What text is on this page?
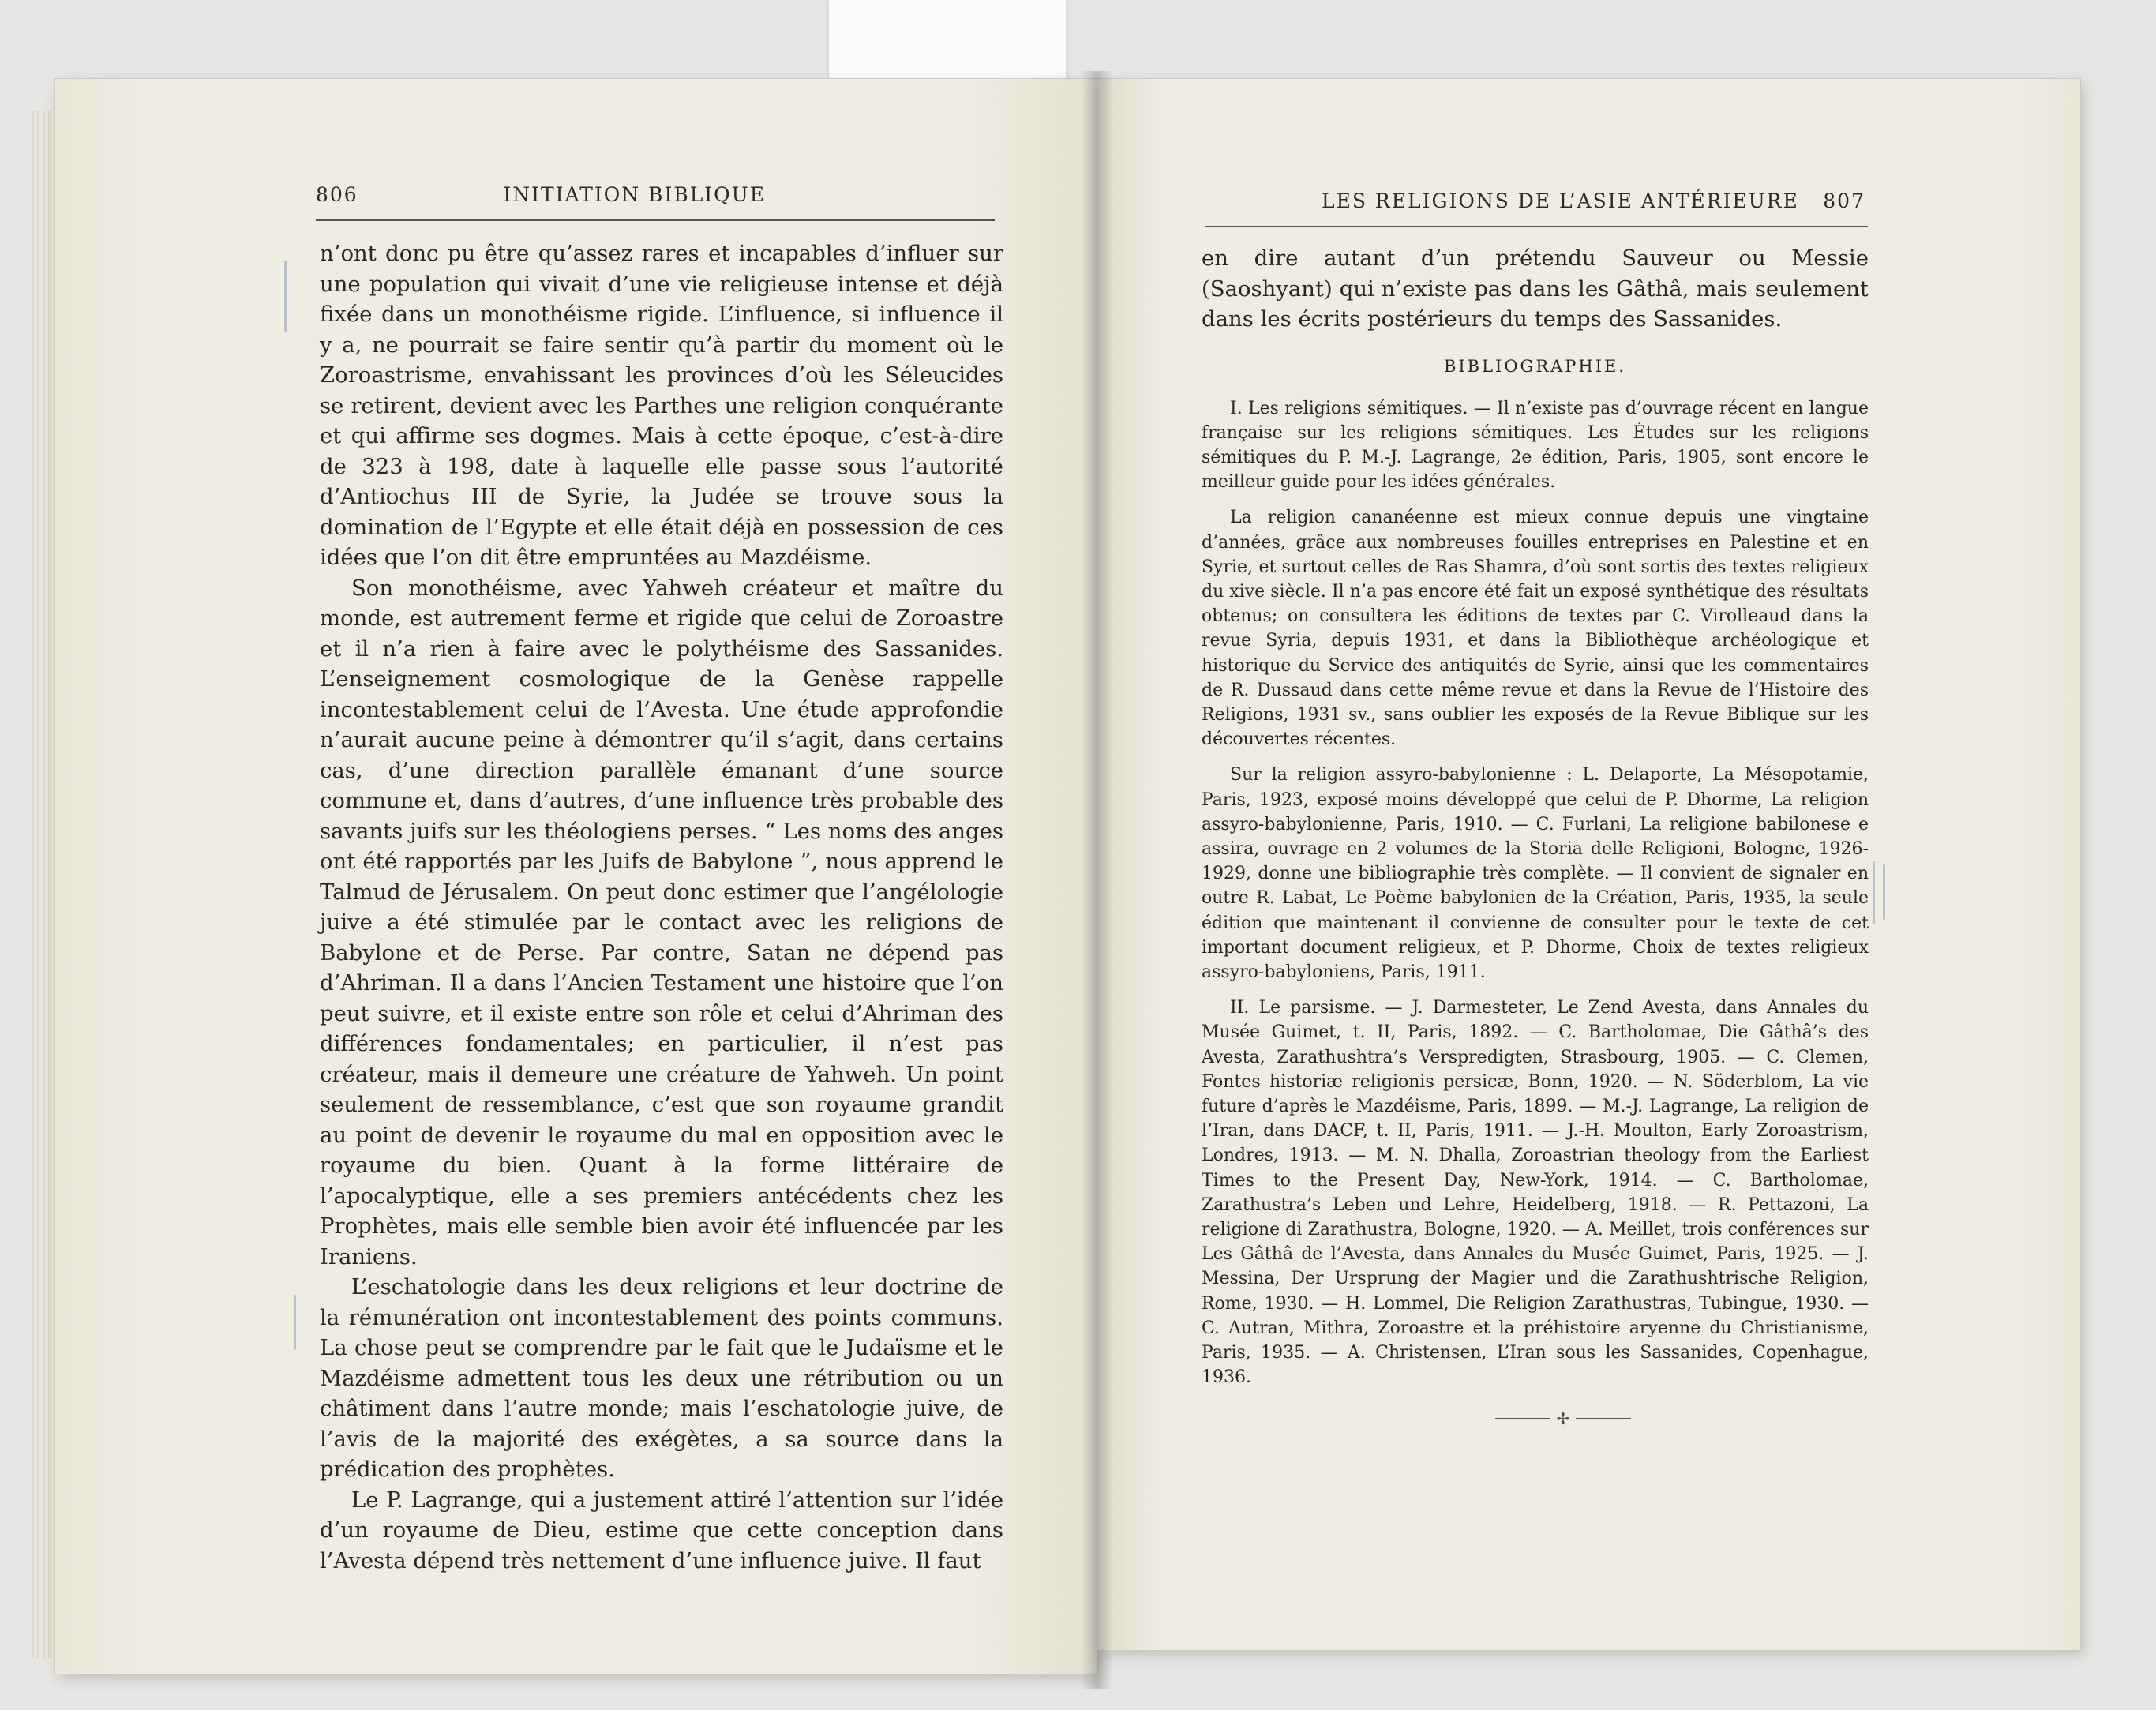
806	INITIATION BIBLIQUE

n’ont donc pu être qu’assez rares et incapables d’influer sur une population qui vivait d’une vie religieuse intense et déjà fixée dans un monothéisme rigide. L’influence, si influence il y a, ne pourrait se faire sentir qu’à partir du moment où le Zoroastrisme, envahissant les provinces d’où les Séleucides se retirent, devient avec les Parthes une religion conquérante et qui affirme ses dogmes. Mais à cette époque, c’est-à-dire de 323 à 198, date à laquelle elle passe sous l’autorité d’Antiochus III de Syrie, la Judée se trouve sous la domination de l’Egypte et elle était déjà en possession de ces idées que l’on dit être empruntées au Mazdéisme.

Son monothéisme, avec Yahweh créateur et maître du monde, est autrement ferme et rigide que celui de Zoroastre et il n’a rien à faire avec le polythéisme des Sassanides. L’enseignement cosmologique de la Genèse rappelle incontestablement celui de l’Avesta. Une étude approfondie n’aurait aucune peine à démontrer qu’il s’agit, dans certains cas, d’une direction parallèle émanant d’une source commune et, dans d’autres, d’une influence très probable des savants juifs sur les théologiens perses. “ Les noms des anges ont été rapportés par les Juifs de Babylone ”, nous apprend le Talmud de Jérusalem. On peut donc estimer que l’angélologie juive a été stimulée par le contact avec les religions de Babylone et de Perse. Par contre, Satan ne dépend pas d’Ahriman. Il a dans l’Ancien Testament une histoire que l’on peut suivre, et il existe entre son rôle et celui d’Ahriman des différences fondamentales; en particulier, il n’est pas créateur, mais il demeure une créature de Yahweh. Un point seulement de ressemblance, c’est que son royaume grandit au point de devenir le royaume du mal en opposition avec le royaume du bien. Quant à la forme littéraire de l’apocalyptique, elle a ses premiers antécédents chez les Prophètes, mais elle semble bien avoir été influencée par les Iraniens.

L’eschatologie dans les deux religions et leur doctrine de la rémunération ont incontestablement des points communs. La chose peut se comprendre par le fait que le Judaïsme et le Mazdéisme admettent tous les deux une rétribution ou un châtiment dans l’autre monde; mais l’eschatologie juive, de l’avis de la majorité des exégètes, a sa source dans la prédication des prophètes.

Le P. Lagrange, qui a justement attiré l’attention sur l’idée d’un royaume de Dieu, estime que cette conception dans l’Avesta dépend très nettement d’une influence juive. Il faut

LES RELIGIONS DE L’ASIE ANTÉRIEURE 807

en dire autant d’un prétendu Sauveur ou Messie (Saoshyant) qui n’existe pas dans les Gâthâ, mais seulement dans les écrits postérieurs du temps des Sassanides.

BIBLIOGRAPHIE.

I. Les religions sémitiques. — Il n’existe pas d’ouvrage récent en langue française sur les religions sémitiques. Les Études sur les religions sémitiques du P. M.-J. Lagrange, 2e édition, Paris, 1905, sont encore le meilleur guide pour les idées générales.

La religion cananéenne est mieux connue depuis une vingtaine d’années, grâce aux nombreuses fouilles entreprises en Palestine et en Syrie, et surtout celles de Ras Shamra, d’où sont sortis des textes religieux du xive siècle. Il n’a pas encore été fait un exposé synthétique des résultats obtenus; on consultera les éditions de textes par C. Virolleaud dans la revue Syria, depuis 1931, et dans la Bibliothèque archéologique et historique du Service des antiquités de Syrie, ainsi que les commentaires de R. Dussaud dans cette même revue et dans la Revue de l’Histoire des Religions, 1931 sv., sans oublier les exposés de la Revue Biblique sur les découvertes récentes.

Sur la religion assyro-babylonienne : L. Delaporte, La Mésopotamie, Paris, 1923, exposé moins développé que celui de P. Dhorme, La religion assyro-babylonienne, Paris, 1910. — C. Furlani, La religione babilonese e assira, ouvrage en 2 volumes de la Storia delle Religioni, Bologne, 1926-1929, donne une bibliographie très complète. — Il convient de signaler en outre R. Labat, Le Poème babylonien de la Création, Paris, 1935, la seule édition que maintenant il convienne de consulter pour le texte de cet important document religieux, et P. Dhorme, Choix de textes religieux assyro-babyloniens, Paris, 1911.

II. Le parsisme. — J. Darmesteter, Le Zend Avesta, dans Annales du Musée Guimet, t. II, Paris, 1892. — C. Bartholomae, Die Gâthâ’s des Avesta, Zarathushtra’s Verspredigten, Strasbourg, 1905. — C. Clemen, Fontes historiæ religionis persicæ, Bonn, 1920. — N. Söderblom, La vie future d’après le Mazdéisme, Paris, 1899. — M.-J. Lagrange, La religion de l’Iran, dans DACF, t. II, Paris, 1911. — J.-H. Moulton, Early Zoroastrism, Londres, 1913. — M. N. Dhalla, Zoroastrian theology from the Earliest Times to the Present Day, New-York, 1914. — C. Bartholomae, Zarathustra’s Leben und Lehre, Heidelberg, 1918. — R. Pettazoni, La religione di Zarathustra, Bologne, 1920. — A. Meillet, trois conférences sur Les Gâthâ de l’Avesta, dans Annales du Musée Guimet, Paris, 1925. — J. Messina, Der Ursprung der Magier und die Zarathushtrische Religion, Rome, 1930. — H. Lommel, Die Religion Zarathustras, Tubingue, 1930. — C. Autran, Mithra, Zoroastre et la préhistoire aryenne du Christianisme, Paris, 1935. — A. Christensen, L’Iran sous les Sassanides, Copenhague, 1936.

✢
